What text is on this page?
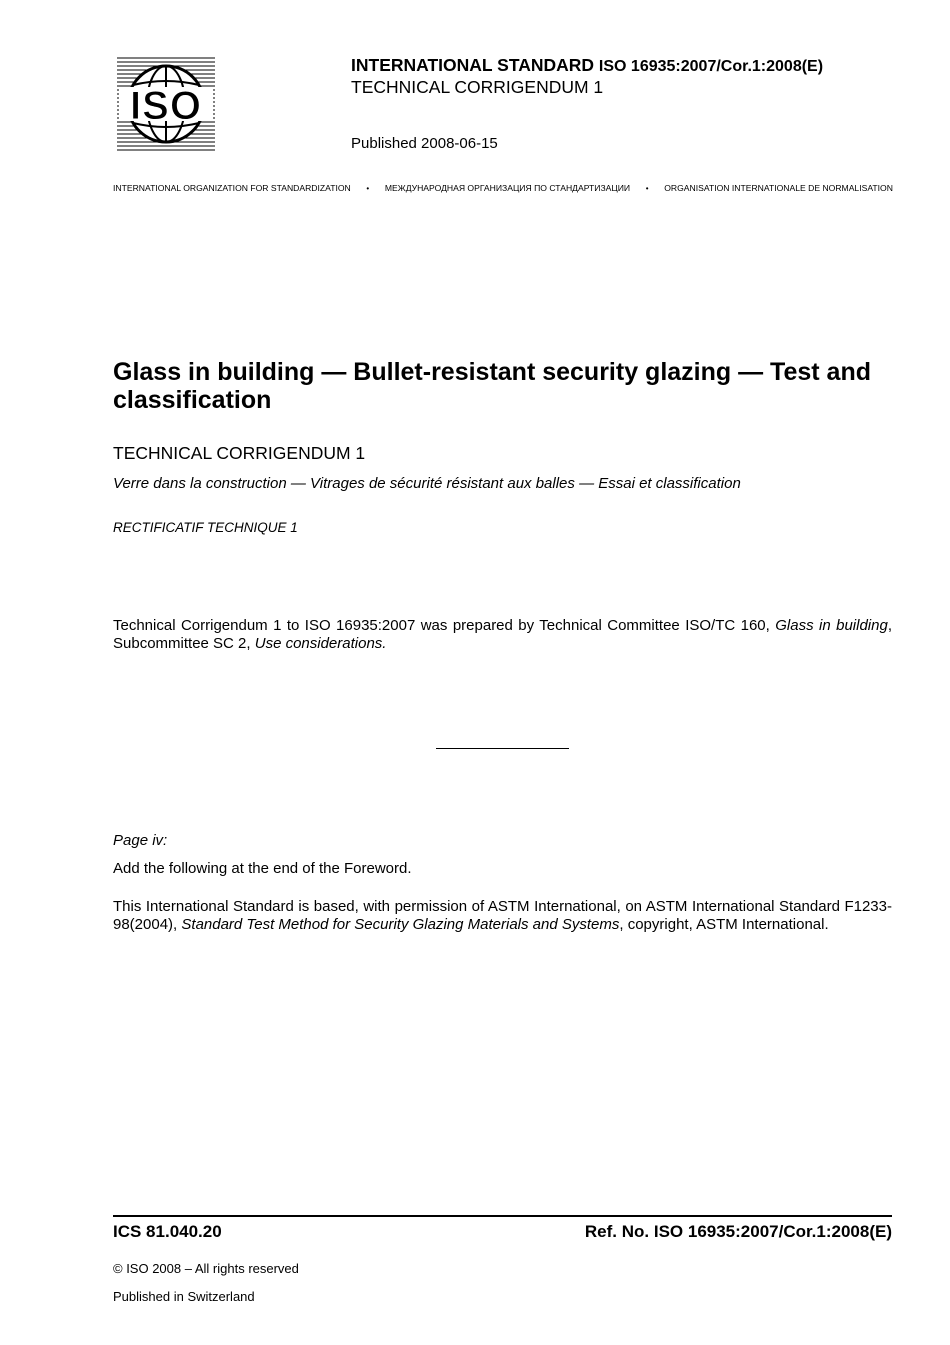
ISO
INTERNATIONAL STANDARD ISO 16935:2007/Cor.1:2008(E)
TECHNICAL CORRIGENDUM 1
Published 2008-06-15
INTERNATIONAL ORGANIZATION FOR STANDARDIZATION • МЕЖДУНАРОДНАЯ ОРГАНИЗАЦИЯ ПО СТАНДАРТИЗАЦИИ • ORGANISATION INTERNATIONALE DE NORMALISATION
Glass in building — Bullet-resistant security glazing — Test and classification
TECHNICAL CORRIGENDUM 1
Verre dans la construction — Vitrages de sécurité résistant aux balles — Essai et classification
RECTIFICATIF TECHNIQUE 1
Technical Corrigendum 1 to ISO 16935:2007 was prepared by Technical Committee ISO/TC 160, Glass in building, Subcommittee SC 2, Use considerations.
Page iv:
Add the following at the end of the Foreword.
This International Standard is based, with permission of ASTM International, on ASTM International Standard F1233-98(2004), Standard Test Method for Security Glazing Materials and Systems, copyright, ASTM International.
ICS 81.040.20	Ref. No. ISO 16935:2007/Cor.1:2008(E)
© ISO 2008 – All rights reserved
Published in Switzerland
